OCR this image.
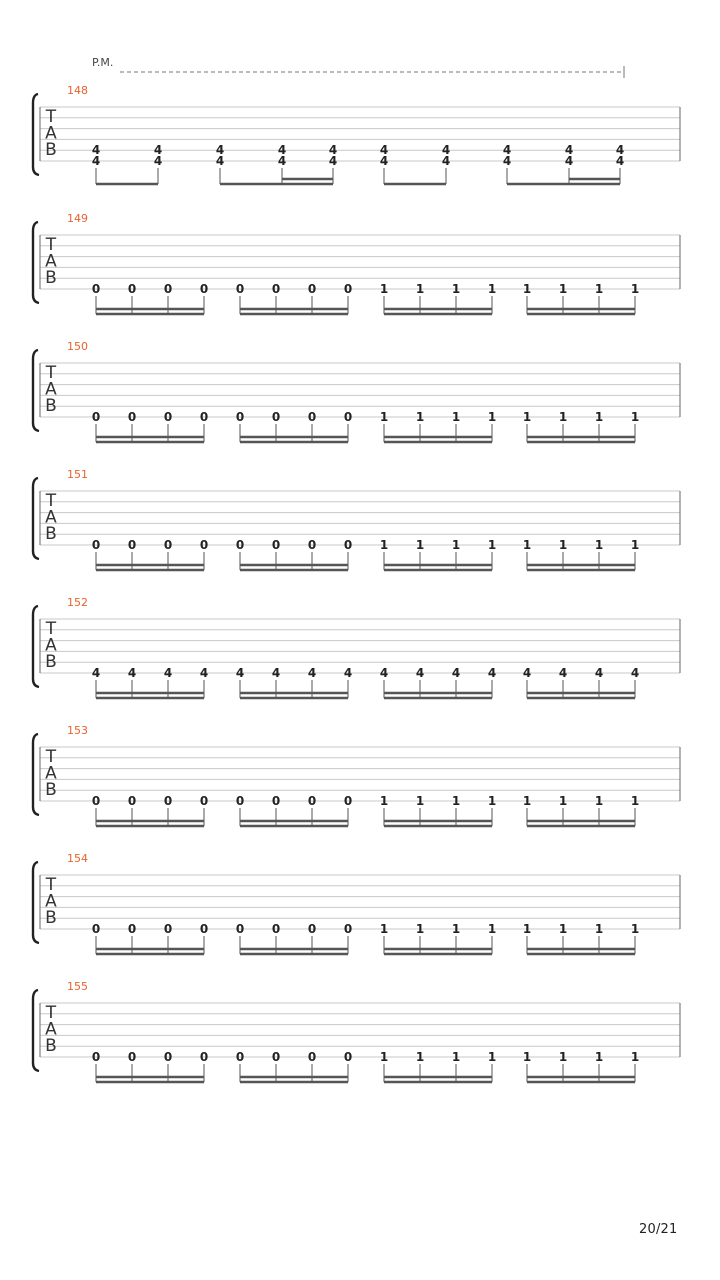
T
A
B
148
4
4
4
4
4
4
4
4
4
4
4
4
4
4
4
4
4
4
4
4
T
A
B
149
0 0 0 0 0 0 0 0 1 1 1 1 1 1 1 1
T
A
B
150
0 0 0 0 0 0 0 0 1 1 1 1 1 1 1 1
T
A
B
151
0 0 0 0 0 0 0 0 1 1 1 1 1 1 1 1
T
A
B
152
4 4 4 4 4 4 4 4 4 4 4 4 4 4 4 4
T
A
B
153
0 0 0 0 0 0 0 0 1 1 1 1 1 1 1 1
T
A
B
154
0 0 0 0 0 0 0 0 1 1 1 1 1 1 1 1
T
A
B
155
0 0 0 0 0 0 0 0 1 1 1 1 1 1 1 1
P.M.
20/21
